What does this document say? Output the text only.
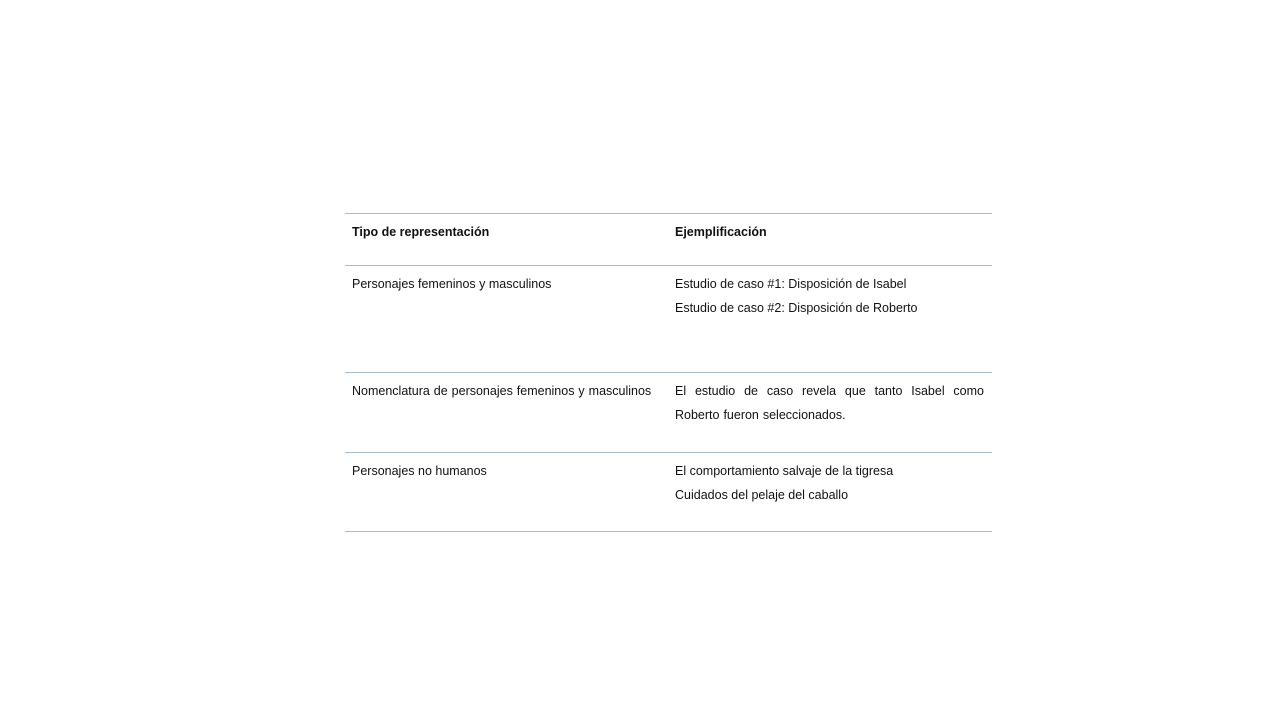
Tipo de representación	Ejemplificación
Personajes femeninos y masculinos	Estudio de caso #1: Disposición de Isabel
Estudio de caso #2: Disposición de Roberto

Nomenclatura de personajes femeninos y masculinos	El estudio de caso revela que tanto Isabel como Roberto fueron seleccionados.
Personajes no humanos	El comportamiento salvaje de la tigresa
Cuidados del pelaje del caballo
